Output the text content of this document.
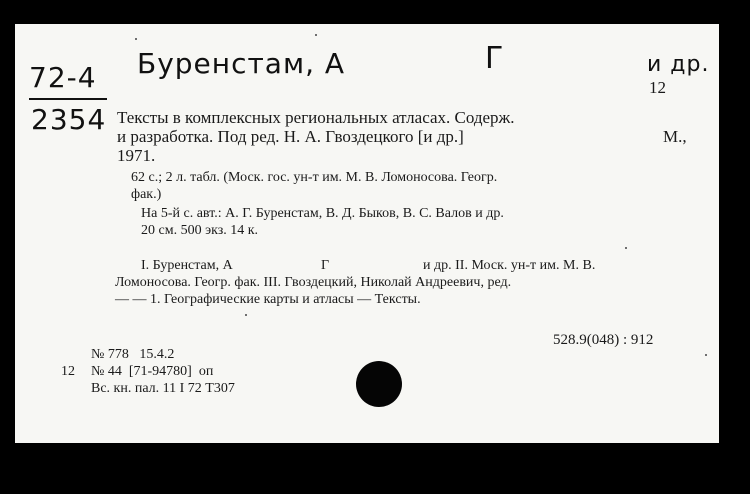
72-4
2354
Буренстам, А	Г	и др.
12
Тексты в комплексных региональных атласах. Содерж.
и разработка. Под ред. Н. А. Гвоздецкого [и др.]	М.,
1971.
62 с.; 2 л. табл. (Моск. гос. ун-т им. М. В. Ломоносова. Геогр.
фак.)
На 5-й с. авт.: А. Г. Буренстам, В. Д. Быков, В. С. Валов и др.
20 см. 500 экз. 14 к.
I. Буренстам, А	Г	и др. II. Моск. ун-т им. М. В.
Ломоносова. Геогр. фак. III. Гвоздецкий, Николай Андреевич, ред.
— — 1. Географические карты и атласы — Тексты.
528.9(048) : 912
№ 778   15.4.2
12 № 44  [71-94780]  оп
Вс. кн. пал. 11 I 72 Т307
